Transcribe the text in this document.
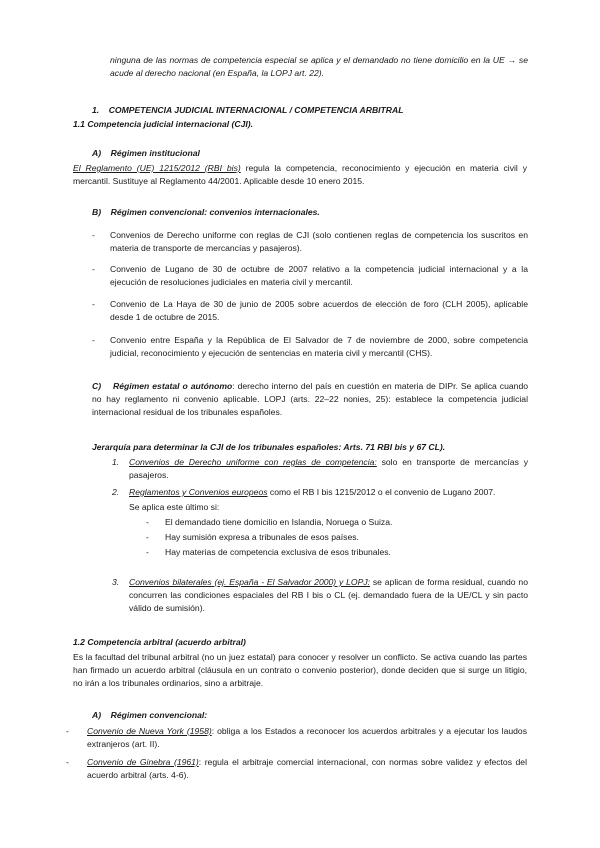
ninguna de las normas de competencia especial se aplica y el demandado no tiene domicilio en la UE → se acude al derecho nacional (en España, la LOPJ art. 22).
1.    COMPETENCIA JUDICIAL INTERNACIONAL / COMPETENCIA ARBITRAL
1.1 Competencia judicial internacional (CJI).
A) Régimen institucional
El Reglamento (UE) 1215/2012 (RBI bis) regula la competencia, reconocimiento y ejecución en materia civil y mercantil. Sustituye al Reglamento 44/2001. Aplicable desde 10 enero 2015.
B) Régimen convencional: convenios internacionales.
- Convenios de Derecho uniforme con reglas de CJI (solo contienen reglas de competencia los suscritos en materia de transporte de mercancías y pasajeros).
- Convenio de Lugano de 30 de octubre de 2007 relativo a la competencia judicial internacional y a la ejecución de resoluciones judiciales en materia civil y mercantil.
- Convenio de La Haya de 30 de junio de 2005 sobre acuerdos de elección de foro (CLH 2005), aplicable desde 1 de octubre de 2015.
- Convenio entre España y la República de El Salvador de 7 de noviembre de 2000, sobre competencia judicial, reconocimiento y ejecución de sentencias en materia civil y mercantil (CHS).
C) Régimen estatal o autónomo: derecho interno del país en cuestión en materia de DIPr. Se aplica cuando no hay reglamento ni convenio aplicable. LOPJ (arts. 22–22 nonies, 25): establece la competencia judicial internacional residual de los tribunales españoles.
Jerarquía para determinar la CJI de los tribunales españoles: Arts. 71 RBI bis y 67 CL).
1. Convenios de Derecho uniforme con reglas de competencia: solo en transporte de mercancías y pasajeros.
2. Reglamentos y Convenios europeos como el RB I bis 1215/2012 o el convenio de Lugano 2007.
Se aplica este último si:
- El demandado tiene domicilio en Islandia, Noruega o Suiza.
- Hay sumisión expresa a tribunales de esos países.
- Hay materias de competencia exclusiva de esos tribunales.
3. Convenios bilaterales (ej. España - El Salvador 2000) y LOPJ: se aplican de forma residual, cuando no concurren las condiciones espaciales del RB I bis o CL (ej. demandado fuera de la UE/CL y sin pacto válido de sumisión).
1.2 Competencia arbitral (acuerdo arbitral)
Es la facultad del tribunal arbitral (no un juez estatal) para conocer y resolver un conflicto. Se activa cuando las partes han firmado un acuerdo arbitral (cláusula en un contrato o convenio posterior), donde deciden que si surge un litigio, no irán a los tribunales ordinarios, sino a arbitraje.
A) Régimen convencional:
- Convenio de Nueva York (1958): obliga a los Estados a reconocer los acuerdos arbitrales y a ejecutar los laudos extranjeros (art. II).
- Convenio de Ginebra (1961): regula el arbitraje comercial internacional, con normas sobre validez y efectos del acuerdo arbitral (arts. 4-6).
